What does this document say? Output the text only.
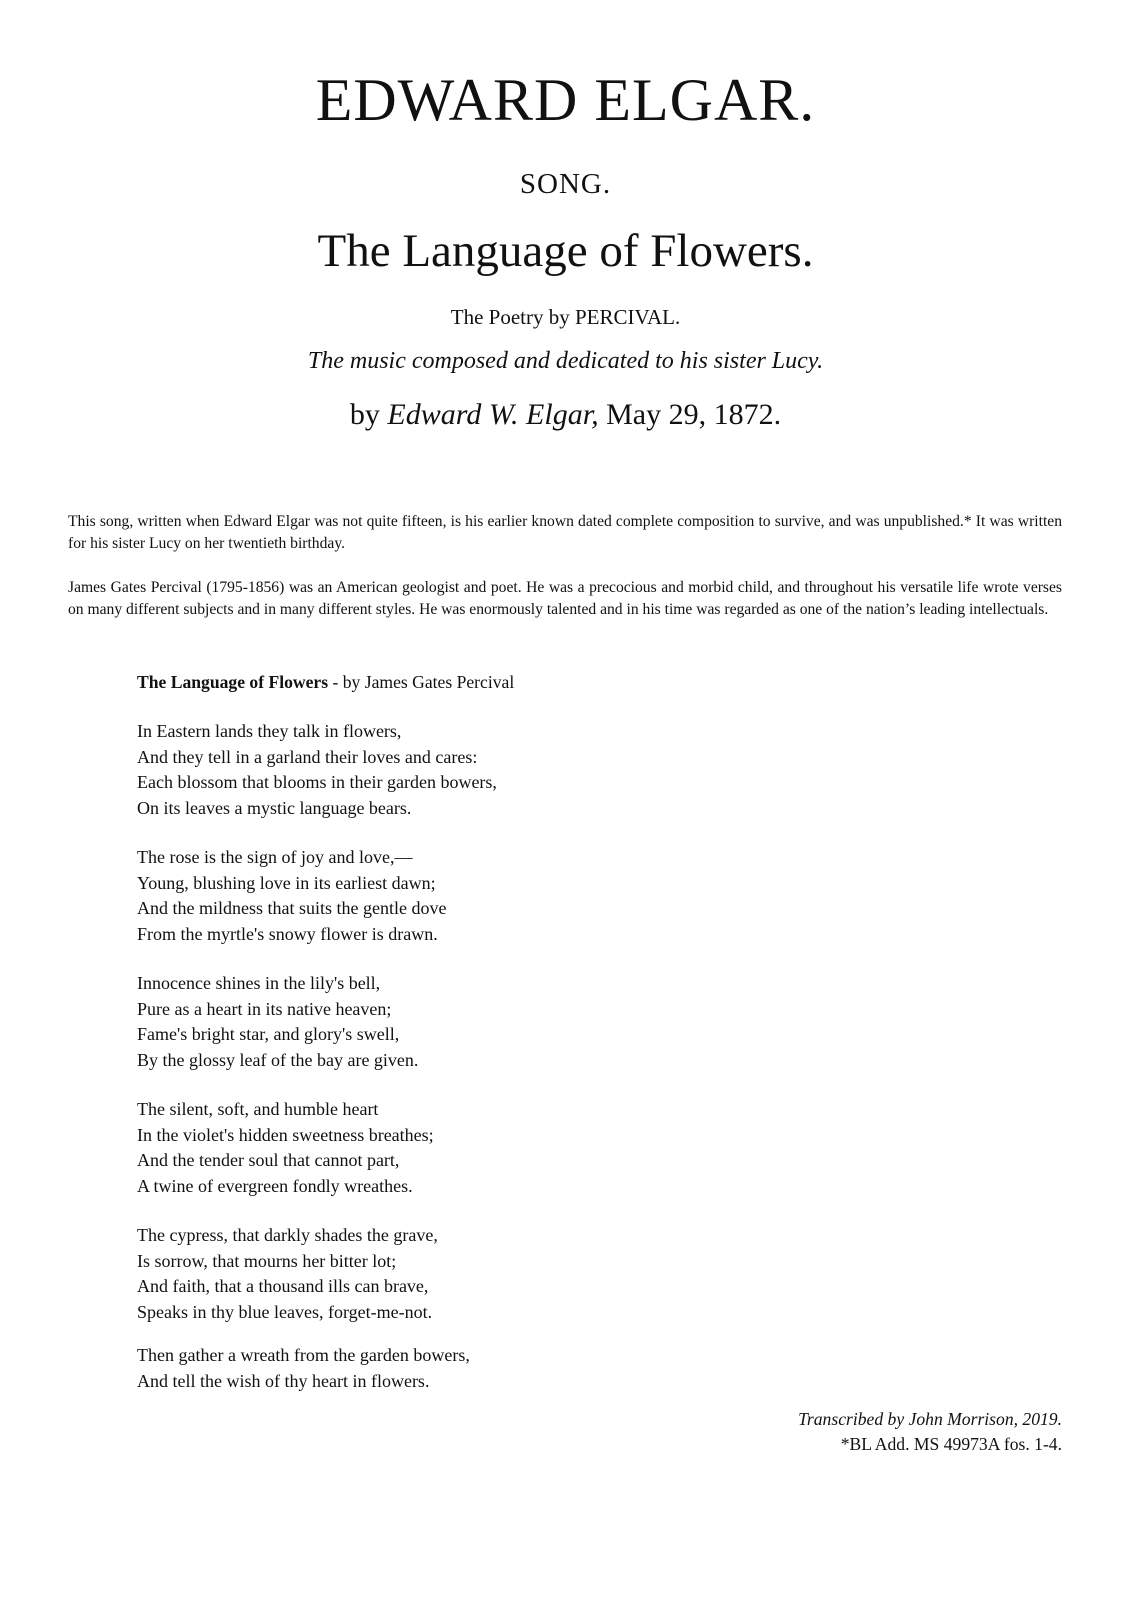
EDWARD ELGAR.
SONG.
The Language of Flowers.
The Poetry by PERCIVAL.
The music composed and dedicated to his sister Lucy.
by Edward W. Elgar, May 29, 1872.

This song, written when Edward Elgar was not quite fifteen, is his earlier known dated complete composition to survive, and was unpublished.* It was written for his sister Lucy on her twentieth birthday.

James Gates Percival (1795-1856) was an American geologist and poet. He was a precocious and morbid child, and throughout his versatile life wrote verses on many different subjects and in many different styles. He was enormously talented and in his time was regarded as one of the nation’s leading intellectuals.

The Language of Flowers - by James Gates Percival
In Eastern lands they talk in flowers,
And they tell in a garland their loves and cares:
Each blossom that blooms in their garden bowers,
On its leaves a mystic language bears.
The rose is the sign of joy and love,—
Young, blushing love in its earliest dawn;
And the mildness that suits the gentle dove
From the myrtle's snowy flower is drawn.
Innocence shines in the lily's bell,
Pure as a heart in its native heaven;
Fame's bright star, and glory's swell,
By the glossy leaf of the bay are given.
The silent, soft, and humble heart
In the violet's hidden sweetness breathes;
And the tender soul that cannot part,
A twine of evergreen fondly wreathes.
The cypress, that darkly shades the grave,
Is sorrow, that mourns her bitter lot;
And faith, that a thousand ills can brave,
Speaks in thy blue leaves, forget-me-not.
Then gather a wreath from the garden bowers,
And tell the wish of thy heart in flowers.
Transcribed by John Morrison, 2019.
*BL Add. MS 49973A fos. 1-4.
